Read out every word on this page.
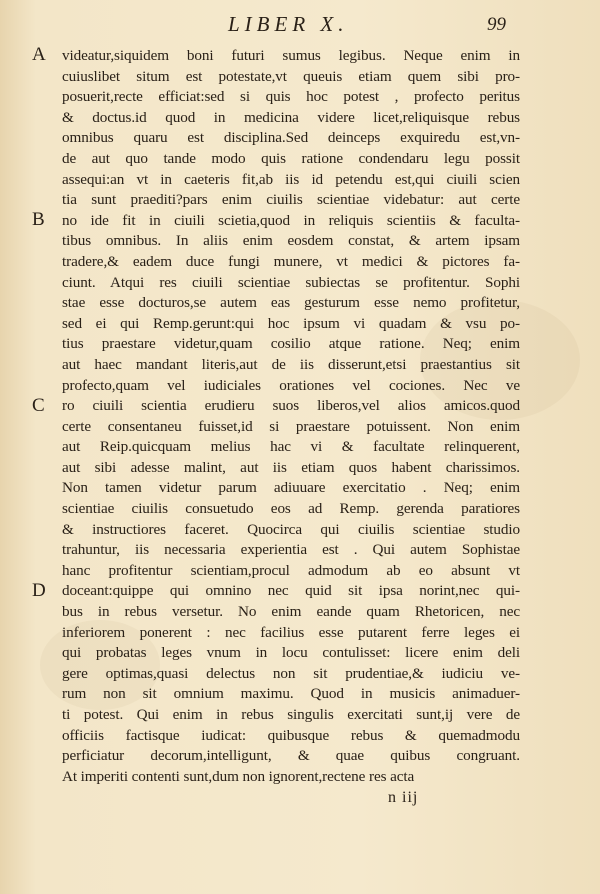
LIBER X.	99
A
B
C
D
videatur,siquidem boni futuri sumus legibus. Neque enim in
cuiuslibet situm est potestate,vt queuis etiam quem sibi pro-
posuerit,recte efficiat:sed si quis hoc potest , profecto peritus
& doctus.id quod in medicina videre licet,reliquisque rebus
omnibus quaru est disciplina.Sed deinceps exquiredu est,vn-
de aut quo tande modo quis ratione condendaru legu possit
assequi:an vt in caeteris fit,ab iis id petendu est,qui ciuili scien
tia sunt praediti?pars enim ciuilis scientiae videbatur: aut certe
no ide fit in ciuili scietia,quod in reliquis scientiis & faculta-
tibus omnibus. In aliis enim eosdem constat, & artem ipsam
tradere,& eadem duce fungi munere, vt medici & pictores fa-
ciunt. Atqui res ciuili scientiae subiectas se profitentur. Sophi
stae esse docturos,se autem eas gesturum esse nemo profitetur,
sed ei qui Remp.gerunt:qui hoc ipsum vi quadam & vsu po-
tius praestare videtur,quam cosilio atque ratione. Neq; enim
aut haec mandant literis,aut de iis disserunt,etsi praestantius sit
profecto,quam vel iudiciales orationes vel cociones. Nec ve
ro ciuili scientia erudieru suos liberos,vel alios amicos.quod
certe consentaneu fuisset,id si praestare potuissent. Non enim
aut Reip.quicquam melius hac vi & facultate relinquerent,
aut sibi adesse malint, aut iis etiam quos habent charissimos.
Non tamen videtur parum adiuuare exercitatio . Neq; enim
scientiae ciuilis consuetudo eos ad Remp. gerenda paratiores
& instructiores faceret. Quocirca qui ciuilis scientiae studio
trahuntur, iis necessaria experientia est . Qui autem Sophistae
hanc profitentur scientiam,procul admodum ab eo absunt vt
doceant:quippe qui omnino nec quid sit ipsa norint,nec qui-
bus in rebus versetur. No enim eande quam Rhetoricen, nec
inferiorem ponerent : nec facilius esse putarent ferre leges ei
qui probatas leges vnum in locu contulisset: licere enim deli
gere optimas,quasi delectus non sit prudentiae,& iudiciu ve-
rum non sit omnium maximu. Quod in musicis animaduer-
ti potest. Qui enim in rebus singulis exercitati sunt,ij vere de
officiis factisque iudicat: quibusque rebus & quemadmodu
perficiatur decorum,intelligunt, & quae quibus congruant.
At imperiti contenti sunt,dum non ignorent,rectene res acta
n iij
